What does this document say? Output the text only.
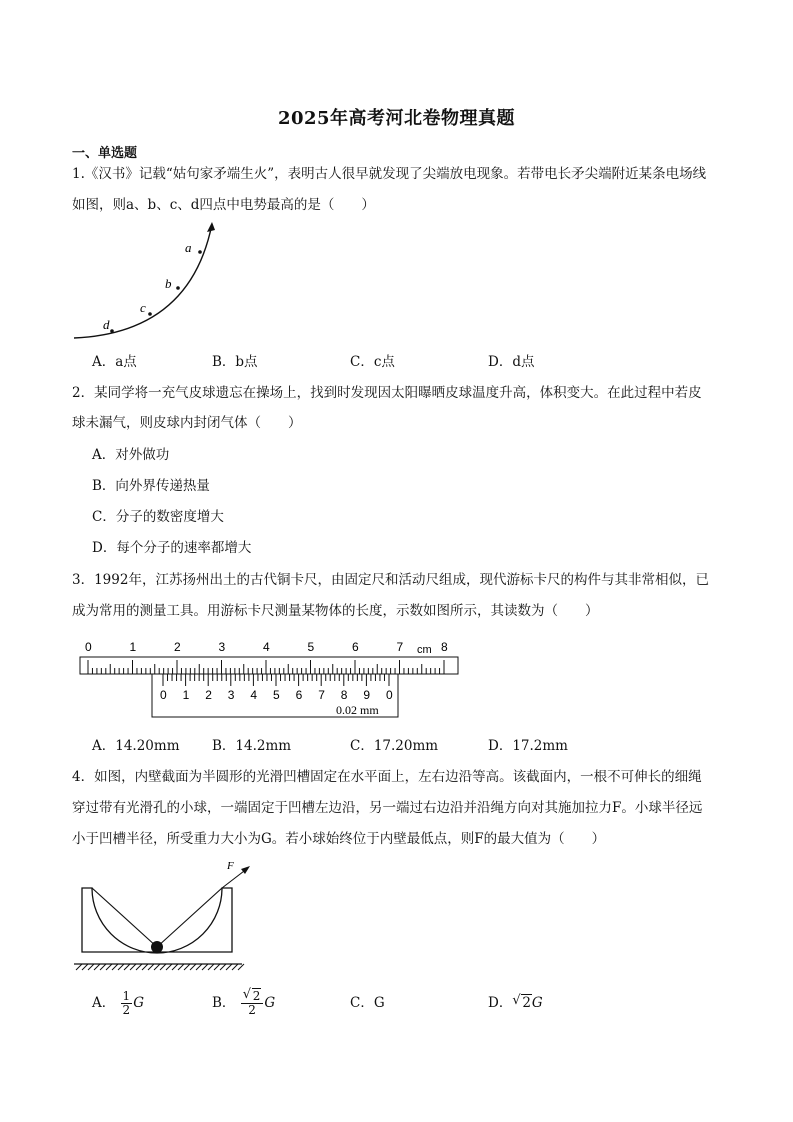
2025年高考河北卷物理真题
一、单选题
1.《汉书》记载“姑句家矛端生火”，表明古人很早就发现了尖端放电现象。若带电长矛尖端附近某条电场线
如图，则a、b、c、d四点中电势最高的是（　　）
a
b
c
d
A．a点	B．b点	C．c点	D．d点
2．某同学将一充气皮球遗忘在操场上，找到时发现因太阳曝晒皮球温度升高，体积变大。在此过程中若皮
球未漏气，则皮球内封闭气体（　　）
A．对外做功
B．向外界传递热量
C．分子的数密度增大
D．每个分子的速率都增大
3．1992年，江苏扬州出土的古代铜卡尺，由固定尺和活动尺组成，现代游标卡尺的构件与其非常相似，已
成为常用的测量工具。用游标卡尺测量某物体的长度，示数如图所示，其读数为（　　）
0	1	2	3	4	5	6	7	8
cm
0 1 2 3 4 5 6 7 8 9 0
0.02 mm
A．14.20mm B．14.2mm	C．17.20mm	D．17.2mm
4．如图，内壁截面为半圆形的光滑凹槽固定在水平面上，左右边沿等高。该截面内，一根不可伸长的细绳
穿过带有光滑孔的小球，一端固定于凹槽左边沿，另一端过右边沿并沿绳方向对其施加拉力F。小球半径远
小于凹槽半径，所受重力大小为G。若小球始终位于内壁最低点，则F的最大值为（　　）
F
A． $\frac{1}{2}$ G	B． √ $\frac{2}{2}$ G	C．G	D． √ 2G
